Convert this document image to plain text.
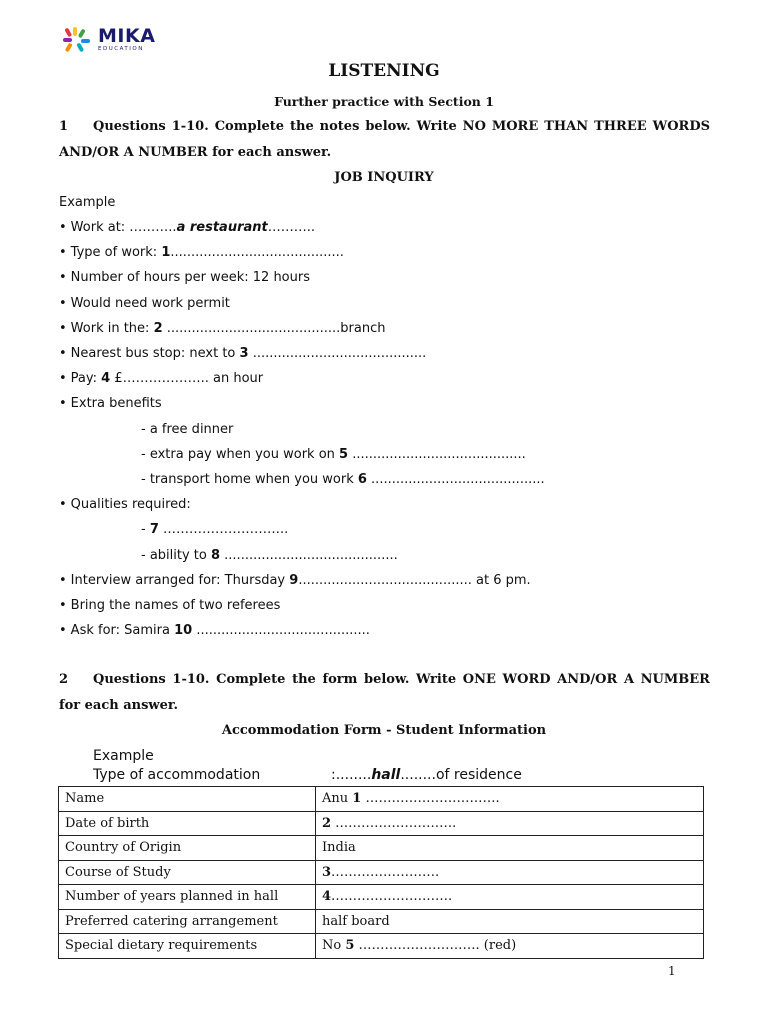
MIKA
EDUCATION
LISTENING
Further practice with Section 1
1 Questions 1-10. Complete the notes below. Write NO MORE THAN THREE WORDS AND/OR A NUMBER for each answer.
JOB INQUIRY
Example
• Work at: ………..a restaurant………..
• Type of work: 1..........................................
• Number of hours per week: 12 hours
• Would need work permit
• Work in the: 2 ..........................................branch
• Nearest bus stop: next to 3 ..........................................
• Pay: 4 £……………….. an hour
• Extra benefits
- a free dinner
- extra pay when you work on 5 ..........................................
- transport home when you work 6 ..........................................
• Qualities required:
- 7 ………………………..
- ability to 8 ..........................................
• Interview arranged for: Thursday 9.......................................... at 6 pm.
• Bring the names of two referees
• Ask for: Samira 10 ..........................................
2 Questions 1-10. Complete the form below. Write ONE WORD AND/OR A NUMBER for each answer.
Accommodation Form - Student Information
Example
Type of accommodation	:........hall........of residence
Name	Anu 1 ………………………….
Date of birth	2 ……………………….
Country of Origin	India
Course of Study	3…………………….
Number of years planned in hall	4……………………….
Preferred catering arrangement	half board
Special dietary requirements	No 5 ………………………. (red)
1
